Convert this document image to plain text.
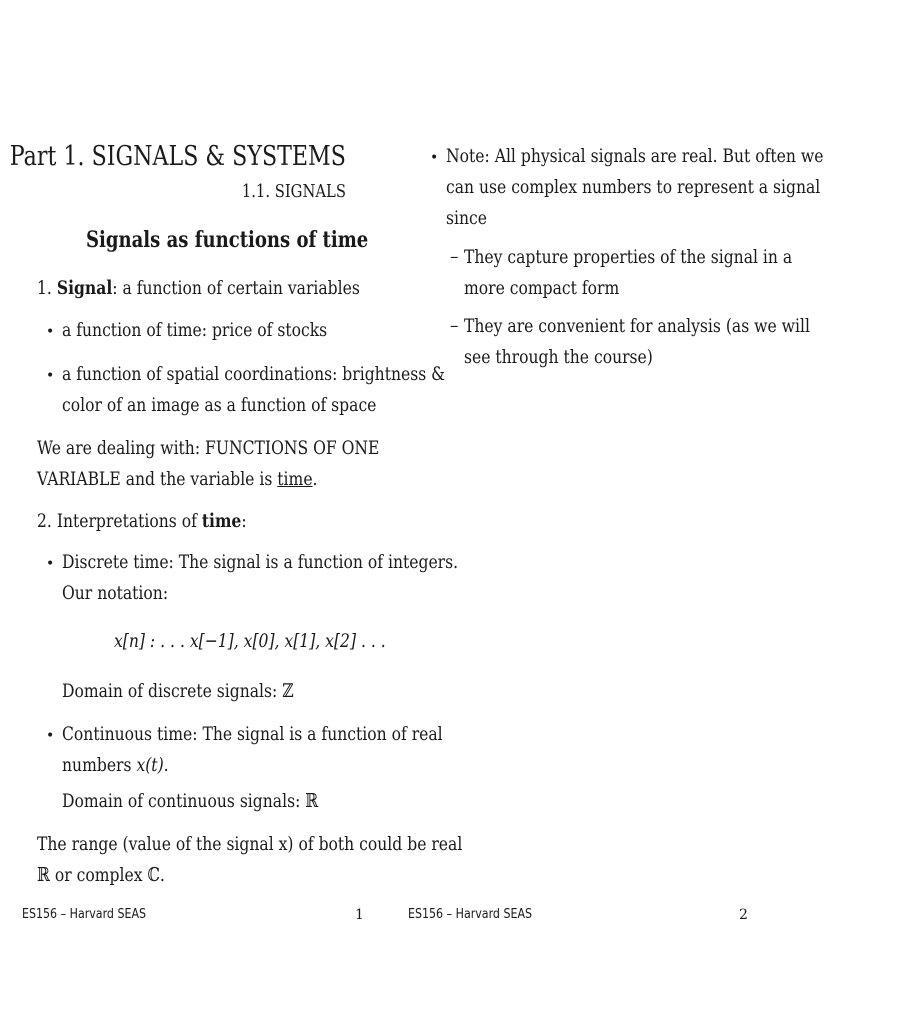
Part 1. SIGNALS & SYSTEMS
1.1. SIGNALS
Signals as functions of time
1. Signal: a function of certain variables
• a function of time: price of stocks
• a function of spatial coordinations: brightness &
color of an image as a function of space
We are dealing with: FUNCTIONS OF ONE
VARIABLE and the variable is time.
2. Interpretations of time:
• Discrete time: The signal is a function of integers.
Our notation:
x[n] : . . . x[−1], x[0], x[1], x[2] . . .
Domain of discrete signals: ℤ
• Continuous time: The signal is a function of real
numbers x(t).
Domain of continuous signals: ℝ
The range (value of the signal x) of both could be real
ℝ or complex ℂ.
ES156 – Harvard SEAS	1
• Note: All physical signals are real. But often we
can use complex numbers to represent a signal
since
– They capture properties of the signal in a
more compact form
– They are convenient for analysis (as we will
see through the course)
ES156 – Harvard SEAS	2
